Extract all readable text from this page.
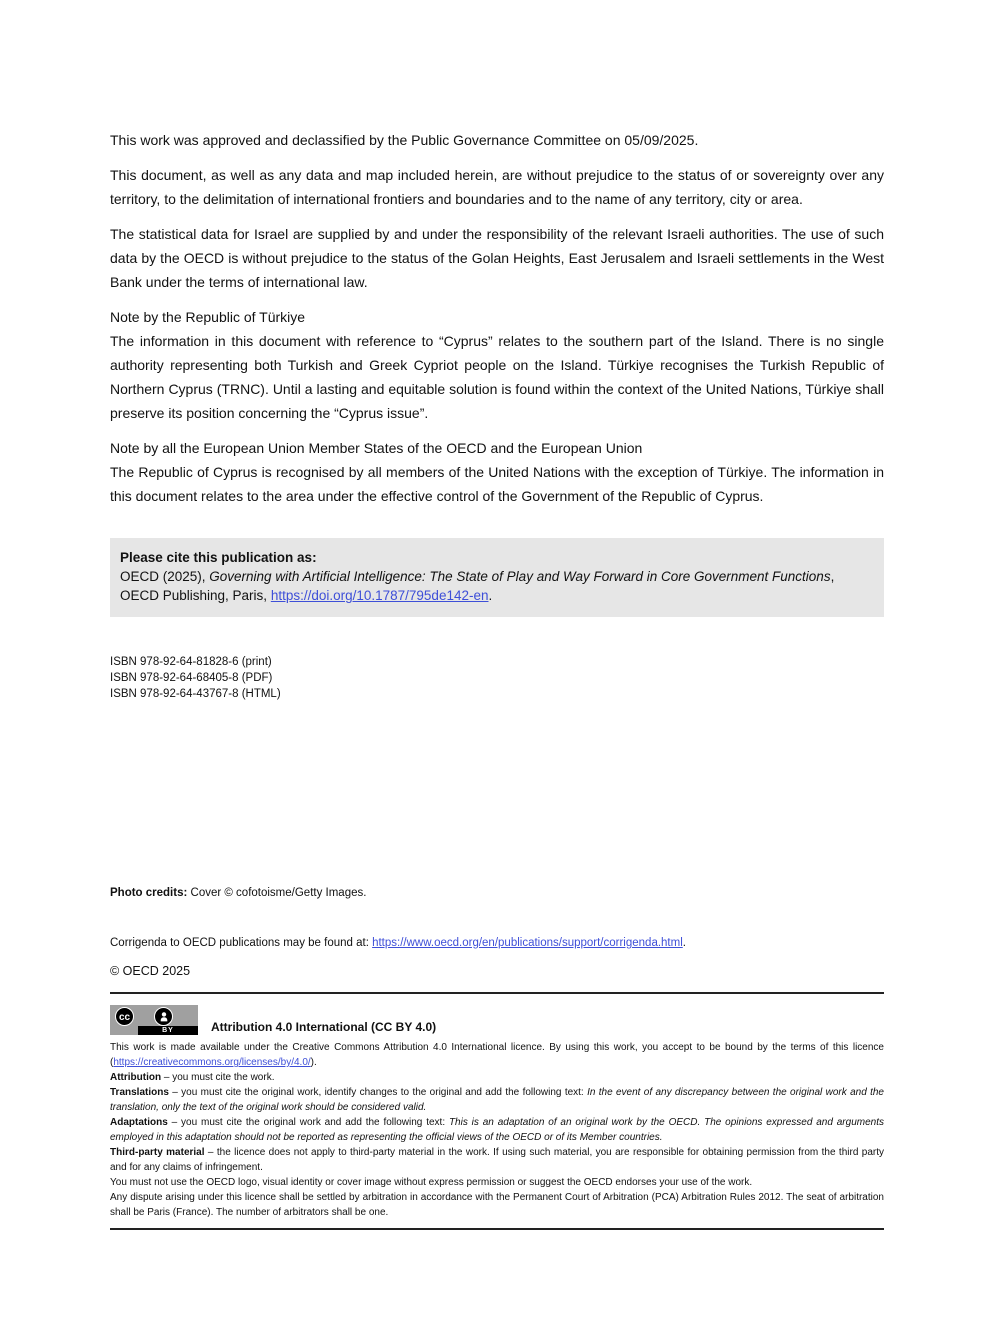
This work was approved and declassified by the Public Governance Committee on 05/09/2025.

This document, as well as any data and map included herein, are without prejudice to the status of or sovereignty over any territory, to the delimitation of international frontiers and boundaries and to the name of any territory, city or area.

The statistical data for Israel are supplied by and under the responsibility of the relevant Israeli authorities. The use of such data by the OECD is without prejudice to the status of the Golan Heights, East Jerusalem and Israeli settlements in the West Bank under the terms of international law.

Note by the Republic of Türkiye

The information in this document with reference to “Cyprus” relates to the southern part of the Island. There is no single authority representing both Turkish and Greek Cypriot people on the Island. Türkiye recognises the Turkish Republic of Northern Cyprus (TRNC). Until a lasting and equitable solution is found within the context of the United Nations, Türkiye shall preserve its position concerning the “Cyprus issue”.

Note by all the European Union Member States of the OECD and the European Union

The Republic of Cyprus is recognised by all members of the United Nations with the exception of Türkiye. The information in this document relates to the area under the effective control of the Government of the Republic of Cyprus.

Please cite this publication as:

OECD (2025), Governing with Artificial Intelligence: The State of Play and Way Forward in Core Government Functions, OECD Publishing, Paris, https://doi.org/10.1787/795de142-en.

ISBN 978-92-64-81828-6 (print)
ISBN 978-92-64-68405-8 (PDF)
ISBN 978-92-64-43767-8 (HTML)

Photo credits: Cover © cofotoisme/Getty Images.

Corrigenda to OECD publications may be found at: https://www.oecd.org/en/publications/support/corrigenda.html.

© OECD 2025

cc
BY	Attribution 4.0 International (CC BY 4.0)

This work is made available under the Creative Commons Attribution 4.0 International licence. By using this work, you accept to be bound by the terms of this licence (https://creativecommons.org/licenses/by/4.0/).

Attribution – you must cite the work.

Translations – you must cite the original work, identify changes to the original and add the following text: In the event of any discrepancy between the original work and the translation, only the text of the original work should be considered valid.

Adaptations – you must cite the original work and add the following text: This is an adaptation of an original work by the OECD. The opinions expressed and arguments employed in this adaptation should not be reported as representing the official views of the OECD or of its Member countries.

Third-party material – the licence does not apply to third-party material in the work. If using such material, you are responsible for obtaining permission from the third party and for any claims of infringement.

You must not use the OECD logo, visual identity or cover image without express permission or suggest the OECD endorses your use of the work.

Any dispute arising under this licence shall be settled by arbitration in accordance with the Permanent Court of Arbitration (PCA) Arbitration Rules 2012. The seat of arbitration shall be Paris (France). The number of arbitrators shall be one.
